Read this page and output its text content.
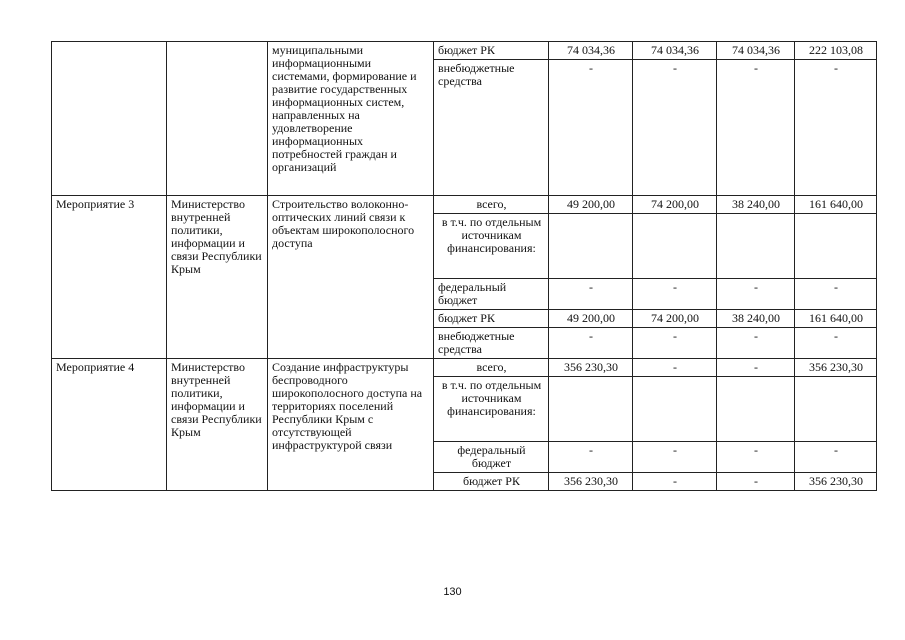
		муниципальными информационными системами, формирование и развитие государственных информационных систем, направленных на удовлетворение информационных потребностей граждан и организаций	бюджет РК	74 034,36	74 034,36	74 034,36	222 103,08
			внебюджетные средства	-	-	-	-
Мероприятие 3	Министерство внутренней политики, информации и связи Республики Крым	Строительство волоконно-оптических линий связи к объектам широкополосного доступа	всего,	49 200,00	74 200,00	38 240,00	161 640,00
			в т.ч. по отдельным источникам финансирования:				
			федеральный бюджет	-	-	-	-
			бюджет РК	49 200,00	74 200,00	38 240,00	161 640,00
			внебюджетные средства	-	-	-	-
Мероприятие 4	Министерство внутренней политики, информации и связи Республики Крым	Создание инфраструктуры беспроводного широкополосного доступа на территориях поселений Республики Крым с отсутствующей инфраструктурой связи	всего,	356 230,30	-	-	356 230,30
			в т.ч. по отдельным источникам финансирования:				
			федеральный бюджет	-	-	-	-
			бюджет РК	356 230,30	-	-	356 230,30
130
